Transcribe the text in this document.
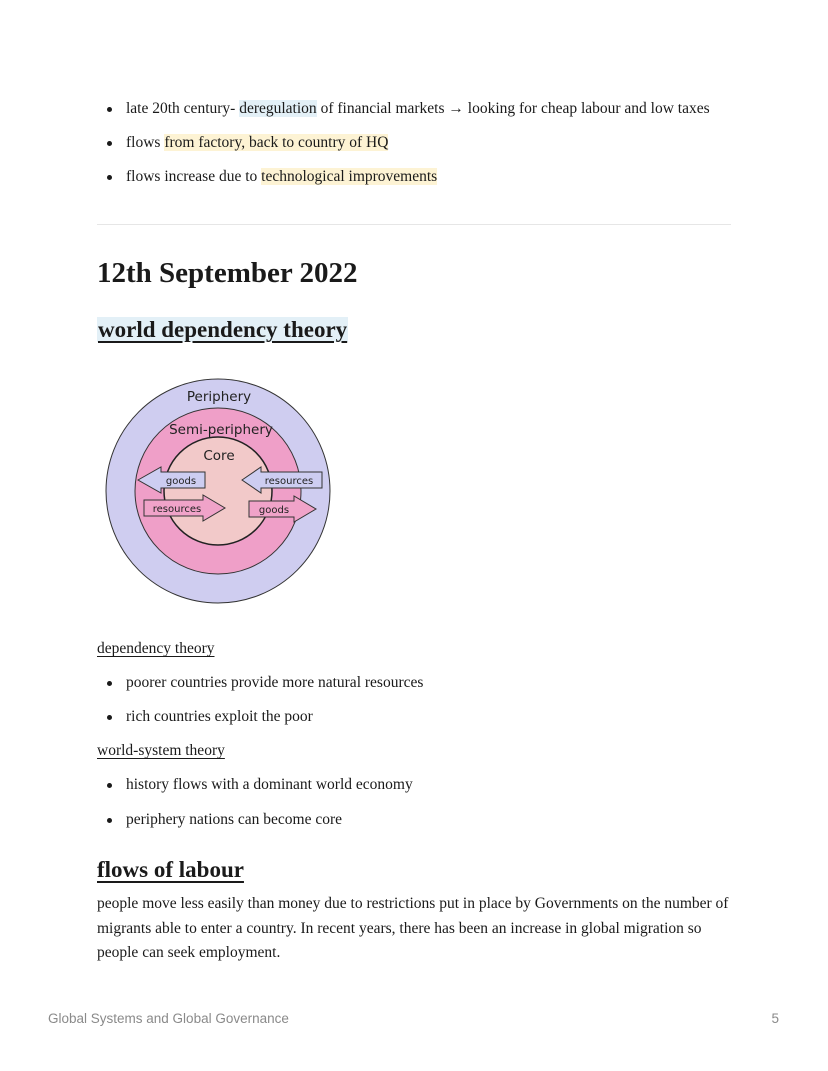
late 20th century- deregulation of financial markets → looking for cheap labour and low taxes
flows from factory, back to country of HQ
flows increase due to technological improvements
12th September 2022
world dependency theory
Periphery
Semi-periphery
Core
goods	resources
resources	goods
dependency theory
poorer countries provide more natural resources
rich countries exploit the poor
world-system theory
history flows with a dominant world economy
periphery nations can become core
flows of labour

people move less easily than money due to restrictions put in place by Governments on the number of migrants able to enter a country. In recent years, there has been an increase in global migration so people can seek employment.

Global Systems and Global Governance	5
